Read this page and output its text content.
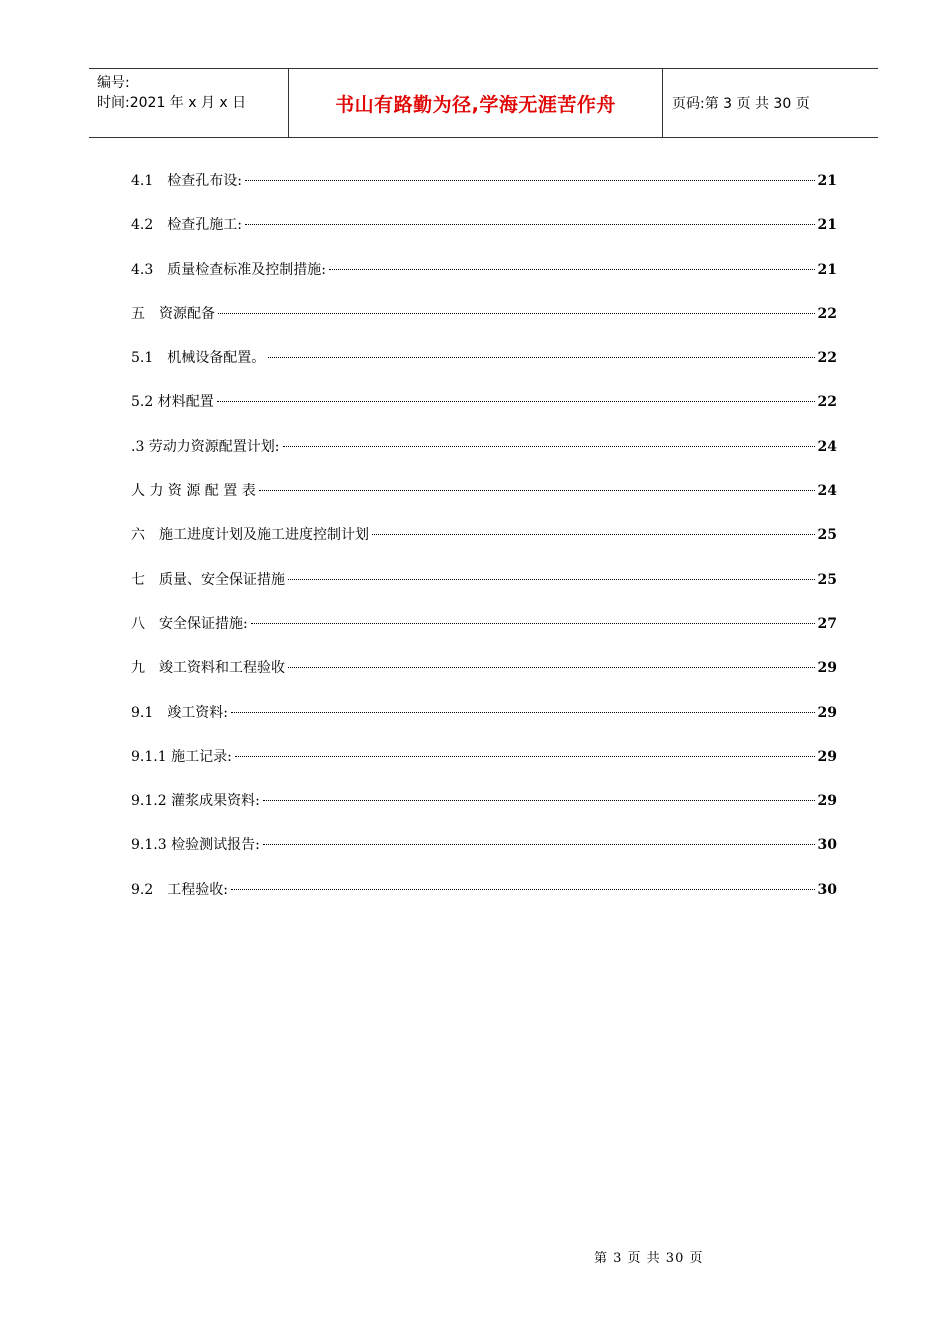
编号:
时间:2021 年 x 月 x 日	书山有路勤为径,学海无涯苦作舟	页码:第 3 页 共 30 页
4.1　检查孔布设:	21
4.2　检查孔施工:	21
4.3　质量检查标准及控制措施:	21
五　资源配备	22
5.1　机械设备配置。	22
5.2 材料配置	22
.3 劳动力资源配置计划:	24
人 力 资 源 配 置 表	24
六　施工进度计划及施工进度控制计划	25
七　质量、安全保证措施	25
八　安全保证措施:	27
九　竣工资料和工程验收	29
9.1　竣工资料:	29
9.1.1 施工记录:	29
9.1.2 灌浆成果资料:	29
9.1.3 检验测试报告:	30
9.2　工程验收:	30
第 3 页 共 30 页
